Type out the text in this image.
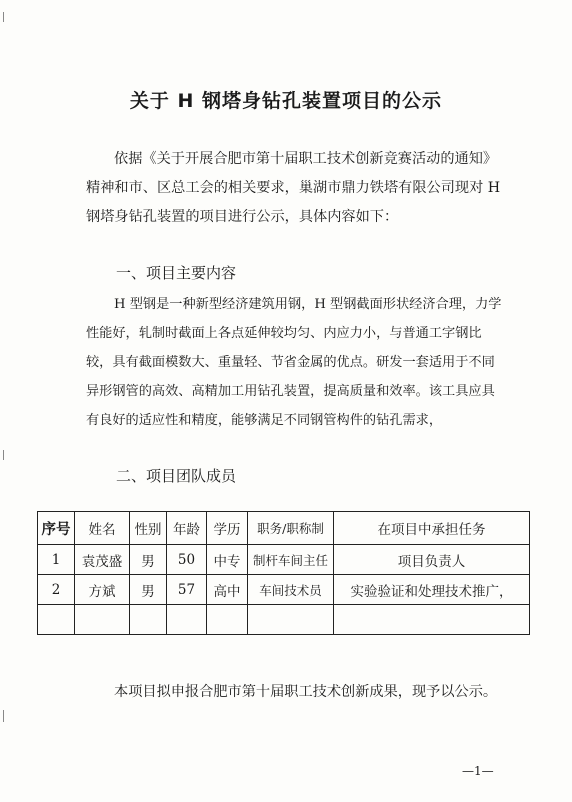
关于 H 钢塔身钻孔装置项目的公示
依据《关于开展合肥市第十届职工技术创新竞赛活动的通知》精神和市、区总工会的相关要求，巢湖市鼎力铁塔有限公司现对 H 钢塔身钻孔装置的项目进行公示，具体内容如下：
一、项目主要内容
H 型钢是一种新型经济建筑用钢，H 型钢截面形状经济合理，力学性能好，轧制时截面上各点延伸较均匀、内应力小，与普通工字钢比较，具有截面模数大、重量轻、节省金属的优点。研发一套适用于不同异形钢管的高效、高精加工用钻孔装置，提高质量和效率。该工具应具有良好的适应性和精度，能够满足不同钢管构件的钻孔需求，
二、项目团队成员
序号	姓名	性别	年龄	学历	职务/职称制	在项目中承担任务
1	袁茂盛	男	50	中专	制杆车间主任	项目负责人
2	方斌	男	57	高中	车间技术员	实验验证和处理技术推广，

本项目拟申报合肥市第十届职工技术创新成果，现予以公示。
—1—
